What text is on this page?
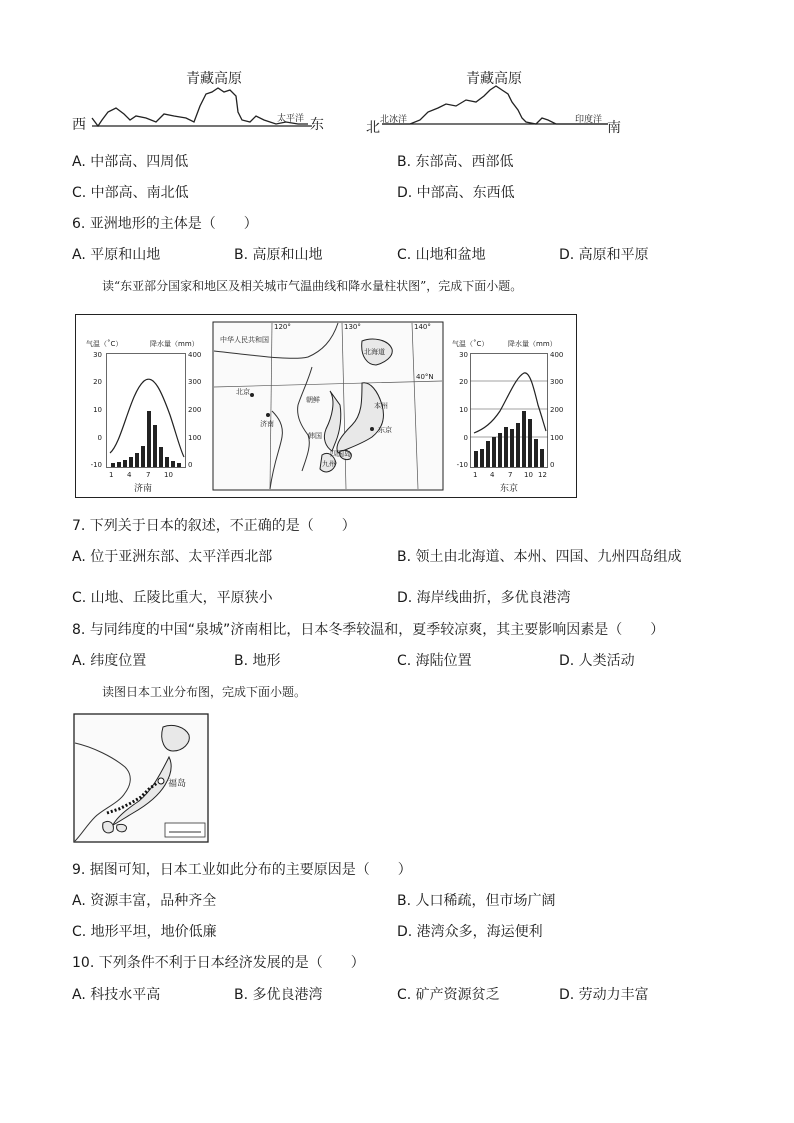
青藏高原
西	东
太平洋
青藏高原
北	南
北冰洋	印度洋
A. 中部高、四周低	B. 东部高、西部低
C. 中部高、南北低	D. 中部高、东西低
6. 亚洲地形的主体是（　　）
A. 平原和山地	B. 高原和山地	C. 山地和盆地	D. 高原和平原
读“东亚部分国家和地区及相关城市气温曲线和降水量柱状图”，完成下面小题。
气温（˚C）	降水量（mm）
30
20
10
0
-10
400
300
200
100
0
1 4 7 10
济南
中华人民共和国
北京
济南
朝鲜
韩国
本州
九州
四国岛
北海道
东京
120°	130°	140°
40°N
气温（˚C）	降水量（mm）
30
20
10
0
-10
400
300
200
100
0
1 4 7 10 12
东京
7. 下列关于日本的叙述，不正确的是（　　）
A. 位于亚洲东部、太平洋西北部	B. 领土由北海道、本州、四国、九州四岛组成
C. 山地、丘陵比重大，平原狭小	D. 海岸线曲折，多优良港湾
8. 与同纬度的中国“泉城”济南相比，日本冬季较温和，夏季较凉爽，其主要影响因素是（　　）
A. 纬度位置	B. 地形	C. 海陆位置	D. 人类活动
读图日本工业分布图，完成下面小题。
福岛
9. 据图可知，日本工业如此分布的主要原因是（　　）
A. 资源丰富，品种齐全	B. 人口稀疏，但市场广阔
C. 地形平坦，地价低廉	D. 港湾众多，海运便利
10. 下列条件不利于日本经济发展的是（　　）
A. 科技水平高	B. 多优良港湾	C. 矿产资源贫乏	D. 劳动力丰富
